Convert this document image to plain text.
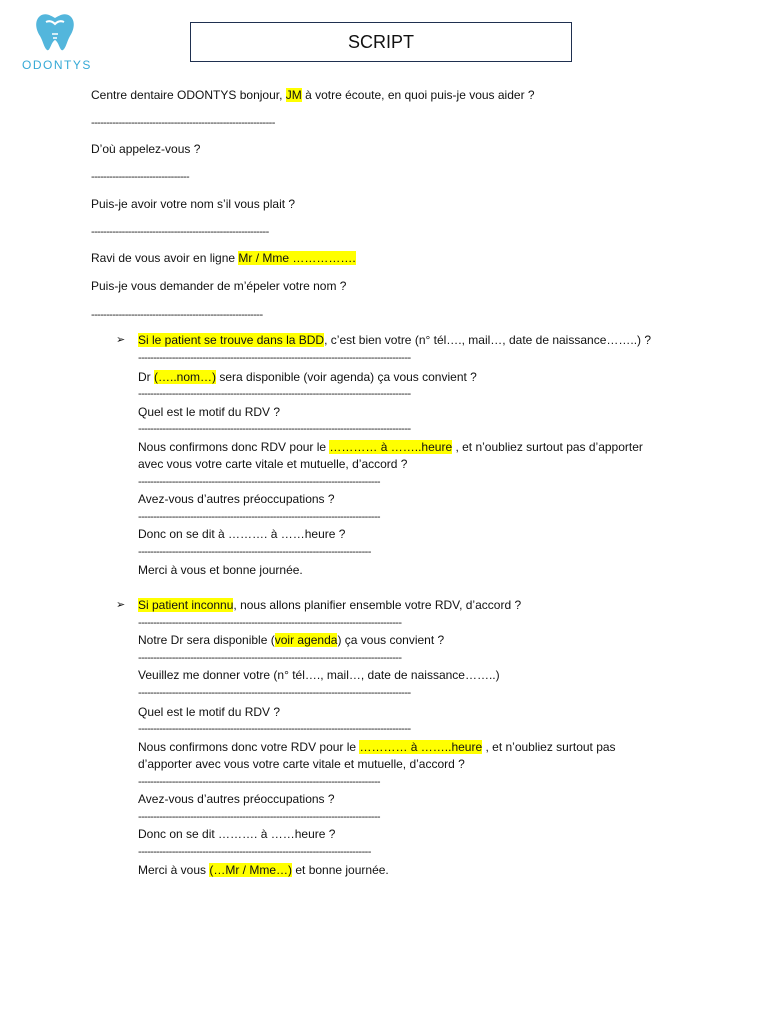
ODONTYS
SCRIPT
Centre dentaire ODONTYS bonjour, JM à votre écoute, en quoi puis-je vous aider ?
------------------------------------------------------------
D’où appelez-vous ?
--------------------------------
Puis-je avoir votre nom s’il vous plait ?
----------------------------------------------------------
Ravi de vous avoir en ligne Mr / Mme …………….
Puis-je vous demander de m’épeler votre nom ?
--------------------------------------------------------
➢ Si le patient se trouve dans la BDD, c’est bien votre (n° tél…., mail…, date de naissance……..) ?
-----------------------------------------------------------------------------------------
Dr (…..nom…) sera disponible (voir agenda) ça vous convient ?
-----------------------------------------------------------------------------------------
Quel est le motif du RDV ?
-----------------------------------------------------------------------------------------
Nous confirmons donc RDV pour le ………… à ……..heure , et n’oubliez surtout pas d’apporter
avec vous votre carte vitale et mutuelle, d’accord ?
-------------------------------------------------------------------------------
Avez-vous d’autres préoccupations ?
-------------------------------------------------------------------------------
Donc on se dit à ………. à ……heure ?
----------------------------------------------------------------------------
Merci à vous et bonne journée.
➢ Si patient inconnu, nous allons planifier ensemble votre RDV, d’accord ?
--------------------------------------------------------------------------------------
Notre Dr sera disponible (voir agenda) ça vous convient ?
--------------------------------------------------------------------------------------
Veuillez me donner votre (n° tél…., mail…, date de naissance……..)
-----------------------------------------------------------------------------------------
Quel est le motif du RDV ?
-----------------------------------------------------------------------------------------
Nous confirmons donc votre RDV pour le ………… à ……..heure , et n’oubliez surtout pas
d’apporter avec vous votre carte vitale et mutuelle, d’accord ?
-------------------------------------------------------------------------------
Avez-vous d’autres préoccupations ?
-------------------------------------------------------------------------------
Donc on se dit ………. à ……heure ?
----------------------------------------------------------------------------
Merci à vous (…Mr / Mme…) et bonne journée.
